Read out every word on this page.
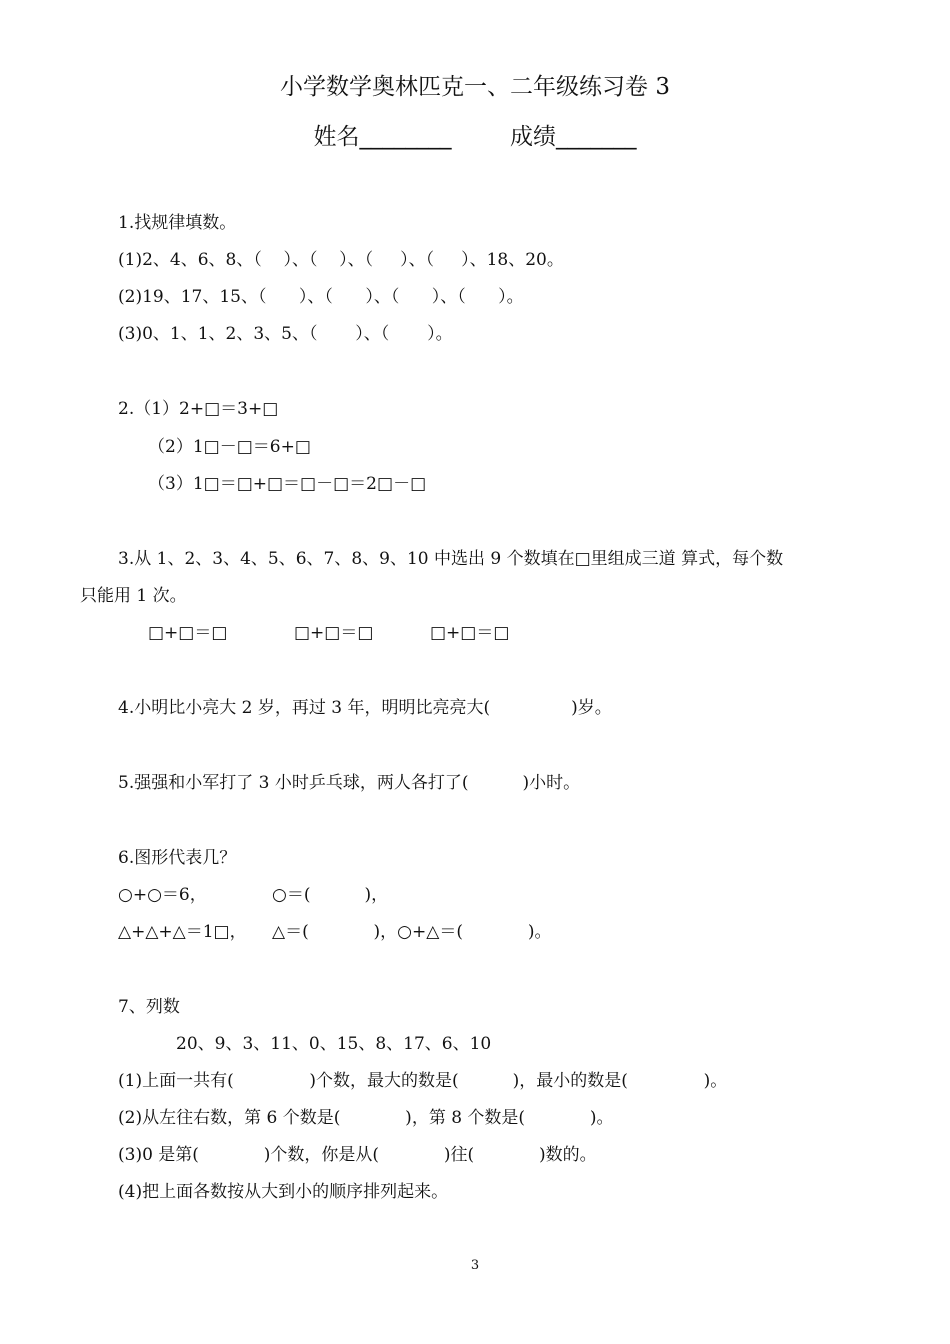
小学数学奥林匹克一、二年级练习卷 3
姓名________        成绩_______
1.找规律填数。
(1)2、4、6、8、（    ）、（    ）、（     ）、（     ）、18、20。
(2)19、17、15、（      ）、（      ）、（      ）、（      ）。
(3)0、1、1、2、3、5、（       ）、（       ）。
2.（1）2+□＝3+□
（2）1□－□＝6+□
（3）1□＝□+□＝□－□＝2□－□
3.从 1、2、3、4、5、6、7、8、9、10 中选出 9 个数填在□里组成三道 算式，每个数
只能用 1 次。
□+□＝□	□+□＝□	□+□＝□
4.小明比小亮大 2 岁，再过 3 年，明明比亮亮大(               )岁。
5.强强和小军打了 3 小时乒乓球，两人各打了(          )小时。
6.图形代表几？
○+○＝6，	○＝(          )，
△+△+△＝1□， △＝(            )，○+△＝(            )。
7、列数
20、9、3、11、0、15、8、17、6、10
(1)上面一共有(              )个数，最大的数是(          )，最小的数是(              )。
(2)从左往右数，第 6 个数是(            )，第 8 个数是(            )。
(3)0 是第(            )个数，你是从(            )往(            )数的。
(4)把上面各数按从大到小的顺序排列起来。
3
